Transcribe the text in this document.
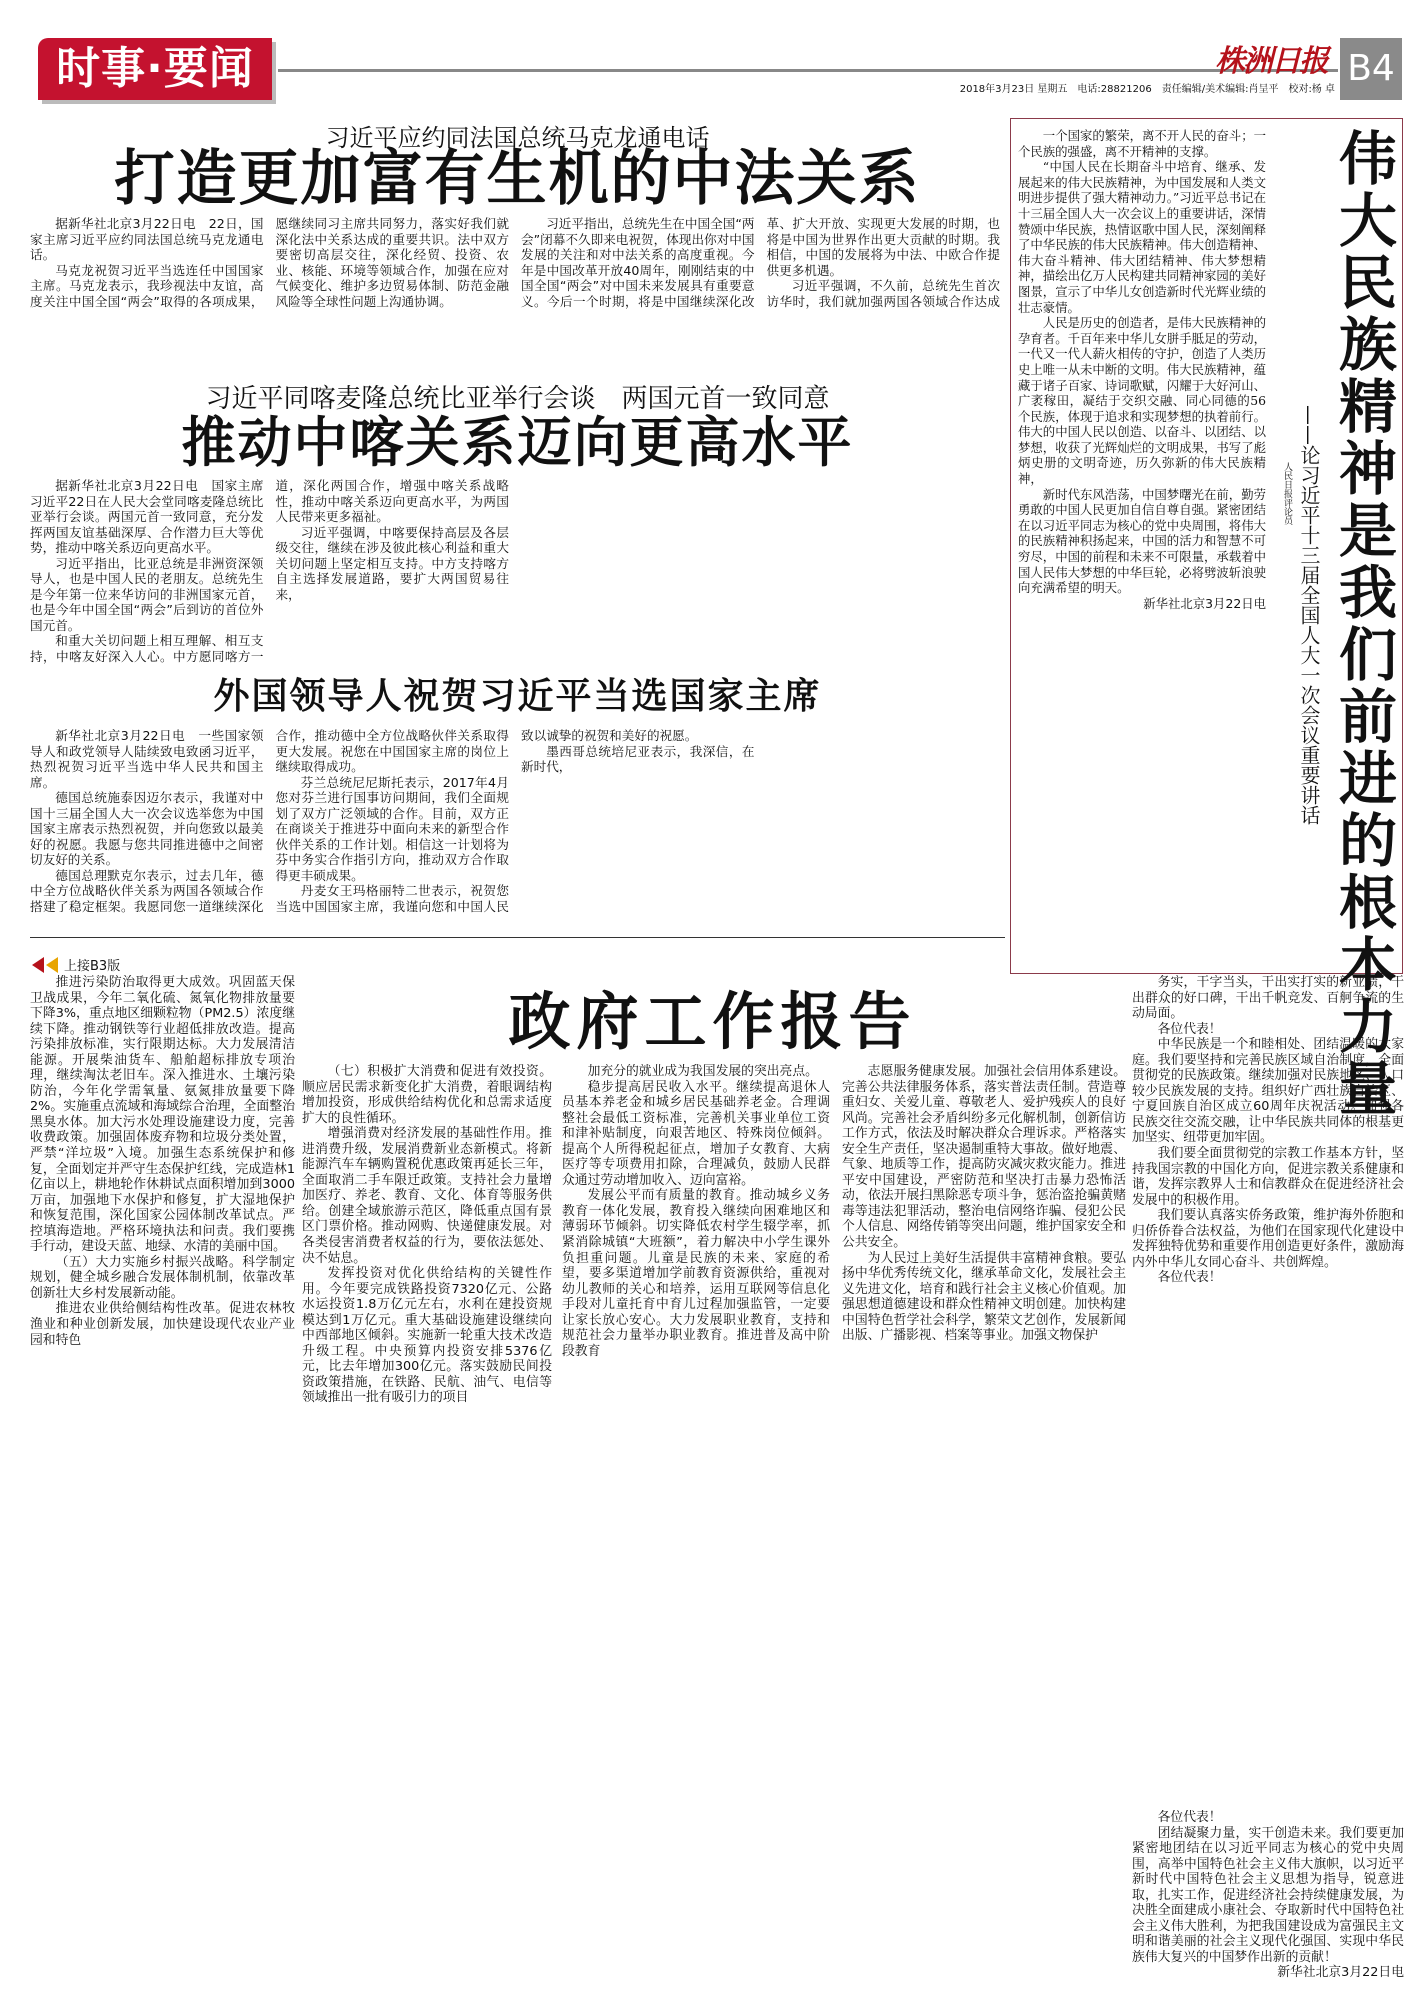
时事·要闻	株洲日报 B4
2018年3月23日 星期五　电话:28821206　责任编辑/美术编辑:肖呈平　校对:杨 卓
习近平应约同法国总统马克龙通电话
打造更加富有生机的中法关系

据新华社北京3月22日电　22日，国家主席习近平应约同法国总统马克龙通电话。

马克龙祝贺习近平当选连任中国国家主席。马克龙表示，我珍视法中友谊，高度关注中国全国“两会”取得的各项成果，愿继续同习主席共同努力，落实好我们就深化法中关系达成的重要共识。法中双方要密切高层交往，深化经贸、投资、农业、核能、环境等领域合作，加强在应对气候变化、维护多边贸易体制、防范金融风险等全球性问题上沟通协调。

习近平指出，总统先生在中国全国“两会”闭幕不久即来电祝贺，体现出你对中国发展的关注和对中法关系的高度重视。今年是中国改革开放40周年，刚刚结束的中国全国“两会”对中国未来发展具有重要意义。今后一个时期，将是中国继续深化改革、扩大开放、实现更大发展的时期，也将是中国为世界作出更大贡献的时期。我相信，中国的发展将为中法、中欧合作提供更多机遇。

习近平强调，不久前，总统先生首次访华时，我们就加强两国各领域合作达成

习近平同喀麦隆总统比亚举行会谈　两国元首一致同意
推动中喀关系迈向更高水平

据新华社北京3月22日电　国家主席习近平22日在人民大会堂同喀麦隆总统比亚举行会谈。两国元首一致同意，充分发挥两国友谊基础深厚、合作潜力巨大等优势，推动中喀关系迈向更高水平。

习近平指出，比亚总统是非洲资深领导人，也是中国人民的老朋友。总统先生是今年第一位来华访问的非洲国家元首，也是今年中国全国“两会”后到访的首位外国元首。

和重大关切问题上相互理解、相互支持，中喀友好深入人心。中方愿同喀方一道，深化两国合作，增强中喀关系战略性，推动中喀关系迈向更高水平，为两国人民带来更多福祉。

习近平强调，中喀要保持高层及各层级交往，继续在涉及彼此核心利益和重大关切问题上坚定相互支持。中方支持喀方自主选择发展道路，要扩大两国贸易往来，

外国领导人祝贺习近平当选国家主席

新华社北京3月22日电　一些国家领导人和政党领导人陆续致电致函习近平，热烈祝贺习近平当选中华人民共和国主席。

德国总统施泰因迈尔表示，我谨对中国十三届全国人大一次会议选举您为中国国家主席表示热烈祝贺，并向您致以最美好的祝愿。我愿与您共同推进德中之间密切友好的关系。

德国总理默克尔表示，过去几年，德中全方位战略伙伴关系为两国各领域合作搭建了稳定框架。我愿同您一道继续深化合作，推动德中全方位战略伙伴关系取得更大发展。祝您在中国国家主席的岗位上继续取得成功。

芬兰总统尼尼斯托表示，2017年4月您对芬兰进行国事访问期间，我们全面规划了双方广泛领域的合作。目前，双方正在商谈关于推进芬中面向未来的新型合作伙伴关系的工作计划。相信这一计划将为芬中务实合作指引方向，推动双方合作取得更丰硕成果。

丹麦女王玛格丽特二世表示，祝贺您当选中国国家主席，我谨向您和中国人民致以诚挚的祝贺和美好的祝愿。

墨西哥总统培尼亚表示，我深信，在新时代，

一个国家的繁荣，离不开人民的奋斗；一个民族的强盛，离不开精神的支撑。

“中国人民在长期奋斗中培育、继承、发展起来的伟大民族精神，为中国发展和人类文明进步提供了强大精神动力。”习近平总书记在十三届全国人大一次会议上的重要讲话，深情赞颂中华民族，热情讴歌中国人民，深刻阐释了中华民族的伟大民族精神。伟大创造精神、伟大奋斗精神、伟大团结精神、伟大梦想精神，描绘出亿万人民构建共同精神家园的美好图景，宣示了中华儿女创造新时代光辉业绩的壮志豪情。

人民是历史的创造者，是伟大民族精神的孕育者。千百年来中华儿女胼手胝足的劳动，一代又一代人薪火相传的守护，创造了人类历史上唯一从未中断的文明。伟大民族精神，蕴藏于诸子百家、诗词歌赋，闪耀于大好河山、广袤稼田，凝结于交织交融、同心同德的56个民族，体现于追求和实现梦想的执着前行。伟大的中国人民以创造、以奋斗、以团结、以梦想，收获了光辉灿烂的文明成果，书写了彪炳史册的文明奇迹，历久弥新的伟大民族精神，

新时代东风浩荡，中国梦曙光在前，勤劳勇敢的中国人民更加自信自尊自强。紧密团结在以习近平同志为核心的党中央周围，将伟大的民族精神积扬起来，中国的活力和智慧不可穷尽，中国的前程和未来不可限量，承载着中国人民伟大梦想的中华巨轮，必将劈波斩浪驶向充满希望的明天。

新华社北京3月22日电 伟大民族精神是我们前进的根本力量
——论习近平十三届全国人大一次会议重要讲话
人民日报评论员
上接B3版
政府工作报告

推进污染防治取得更大成效。巩固蓝天保卫战成果，今年二氧化硫、氮氧化物排放量要下降3%，重点地区细颗粒物（PM2.5）浓度继续下降。推动钢铁等行业超低排放改造。提高污染排放标准，实行限期达标。大力发展清洁能源。开展柴油货车、船舶超标排放专项治理，继续淘汰老旧车。深入推进水、土壤污染防治，今年化学需氧量、氨氮排放量要下降2%。实施重点流域和海域综合治理，全面整治黑臭水体。加大污水处理设施建设力度，完善收费政策。加强固体废弃物和垃圾分类处置，严禁“洋垃圾”入境。加强生态系统保护和修复，全面划定并严守生态保护红线，完成造林1亿亩以上，耕地轮作休耕试点面积增加到3000万亩，加强地下水保护和修复，扩大湿地保护和恢复范围，深化国家公园体制改革试点。严控填海造地。严格环境执法和问责。我们要携手行动，建设天蓝、地绿、水清的美丽中国。

（五）大力实施乡村振兴战略。科学制定规划，健全城乡融合发展体制机制，依靠改革创新壮大乡村发展新动能。

推进农业供给侧结构性改革。促进农林牧渔业和种业创新发展，加快建设现代农业产业园和特色

（七）积极扩大消费和促进有效投资。顺应居民需求新变化扩大消费，着眼调结构增加投资，形成供给结构优化和总需求适度扩大的良性循环。

增强消费对经济发展的基础性作用。推进消费升级，发展消费新业态新模式。将新能源汽车车辆购置税优惠政策再延长三年，全面取消二手车限迁政策。支持社会力量增加医疗、养老、教育、文化、体育等服务供给。创建全域旅游示范区，降低重点国有景区门票价格。推动网购、快递健康发展。对各类侵害消费者权益的行为，要依法惩处、决不姑息。

发挥投资对优化供给结构的关键性作用。今年要完成铁路投资7320亿元、公路水运投资1.8万亿元左右，水利在建投资规模达到1万亿元。重大基础设施建设继续向中西部地区倾斜。实施新一轮重大技术改造升级工程。中央预算内投资安排5376亿元，比去年增加300亿元。落实鼓励民间投资政策措施，在铁路、民航、油气、电信等领域推出一批有吸引力的项目

加充分的就业成为我国发展的突出亮点。

稳步提高居民收入水平。继续提高退休人员基本养老金和城乡居民基础养老金。合理调整社会最低工资标准，完善机关事业单位工资和津补贴制度，向艰苦地区、特殊岗位倾斜。提高个人所得税起征点，增加子女教育、大病医疗等专项费用扣除，合理减负，鼓励人民群众通过劳动增加收入、迈向富裕。

发展公平而有质量的教育。推动城乡义务教育一体化发展，教育投入继续向困难地区和薄弱环节倾斜。切实降低农村学生辍学率，抓紧消除城镇“大班额”，着力解决中小学生课外负担重问题。儿童是民族的未来、家庭的希望，要多渠道增加学前教育资源供给，重视对幼儿教师的关心和培养，运用互联网等信息化手段对儿童托育中育儿过程加强监管，一定要让家长放心安心。大力发展职业教育，支持和规范社会力量举办职业教育。推进普及高中阶段教育

志愿服务健康发展。加强社会信用体系建设。完善公共法律服务体系，落实普法责任制。营造尊重妇女、关爱儿童、尊敬老人、爱护残疾人的良好风尚。完善社会矛盾纠纷多元化解机制，创新信访工作方式，依法及时解决群众合理诉求。严格落实安全生产责任，坚决遏制重特大事故。做好地震、气象、地质等工作，提高防灾减灾救灾能力。推进平安中国建设，严密防范和坚决打击暴力恐怖活动，依法开展扫黑除恶专项斗争，惩治盗抢骗黄赌毒等违法犯罪活动，整治电信网络诈骗、侵犯公民个人信息、网络传销等突出问题，维护国家安全和公共安全。

为人民过上美好生活提供丰富精神食粮。要弘扬中华优秀传统文化，继承革命文化，发展社会主义先进文化，培育和践行社会主义核心价值观。加强思想道德建设和群众性精神文明创建。加快构建中国特色哲学社会科学，繁荣文艺创作，发展新闻出版、广播影视、档案等事业。加强文物保护

务实，干字当头，干出实打实的新业绩，干出群众的好口碑，干出千帆竞发、百舸争流的生动局面。

各位代表！

中华民族是一个和睦相处、团结温暖的大家庭。我们要坚持和完善民族区域自治制度，全面贯彻党的民族政策。继续加强对民族地区、人口较少民族发展的支持。组织好广西壮族自治区、宁夏回族自治区成立60周年庆祝活动。加强各民族交往交流交融，让中华民族共同体的根基更加坚实、纽带更加牢固。

我们要全面贯彻党的宗教工作基本方针，坚持我国宗教的中国化方向，促进宗教关系健康和谐，发挥宗教界人士和信教群众在促进经济社会发展中的积极作用。

我们要认真落实侨务政策，维护海外侨胞和归侨侨眷合法权益，为他们在国家现代化建设中发挥独特优势和重要作用创造更好条件，激励海内外中华儿女同心奋斗、共创辉煌。

各位代表！

各位代表！

团结凝聚力量，实干创造未来。我们要更加紧密地团结在以习近平同志为核心的党中央周围，高举中国特色社会主义伟大旗帜，以习近平新时代中国特色社会主义思想为指导，锐意进取，扎实工作，促进经济社会持续健康发展，为决胜全面建成小康社会、夺取新时代中国特色社会主义伟大胜利，为把我国建设成为富强民主文明和谐美丽的社会主义现代化强国、实现中华民族伟大复兴的中国梦作出新的贡献！

新华社北京3月22日电
